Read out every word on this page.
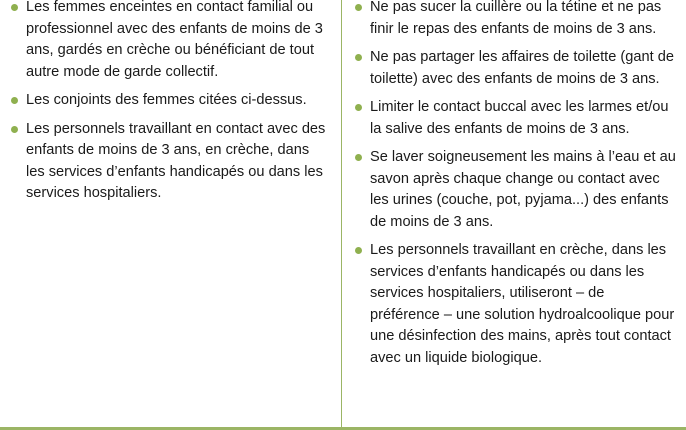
Les femmes enceintes en contact familial ou professionnel avec des enfants de moins de 3 ans, gardés en crèche ou bénéficiant de tout autre mode de garde collectif.
Les conjoints des femmes citées ci-dessus.
Les personnels travaillant en contact avec des enfants de moins de 3 ans, en crèche, dans les services d’enfants handicapés ou dans les services hospitaliers.
Ne pas sucer la cuillère ou la tétine et ne pas finir le repas des enfants de moins de 3 ans.
Ne pas partager les affaires de toilette (gant de toilette) avec des enfants de moins de 3 ans.
Limiter le contact buccal avec les larmes et/ou la salive des enfants de moins de 3 ans.
Se laver soigneusement les mains à l’eau et au savon après chaque change ou contact avec les urines (couche, pot, pyjama...) des enfants de moins de 3 ans.
Les personnels travaillant en crèche, dans les services d’enfants handicapés ou dans les services hospitaliers, utiliseront – de préférence – une solution hydroalcoolique pour une désinfection des mains, après tout contact avec un liquide biologique.
